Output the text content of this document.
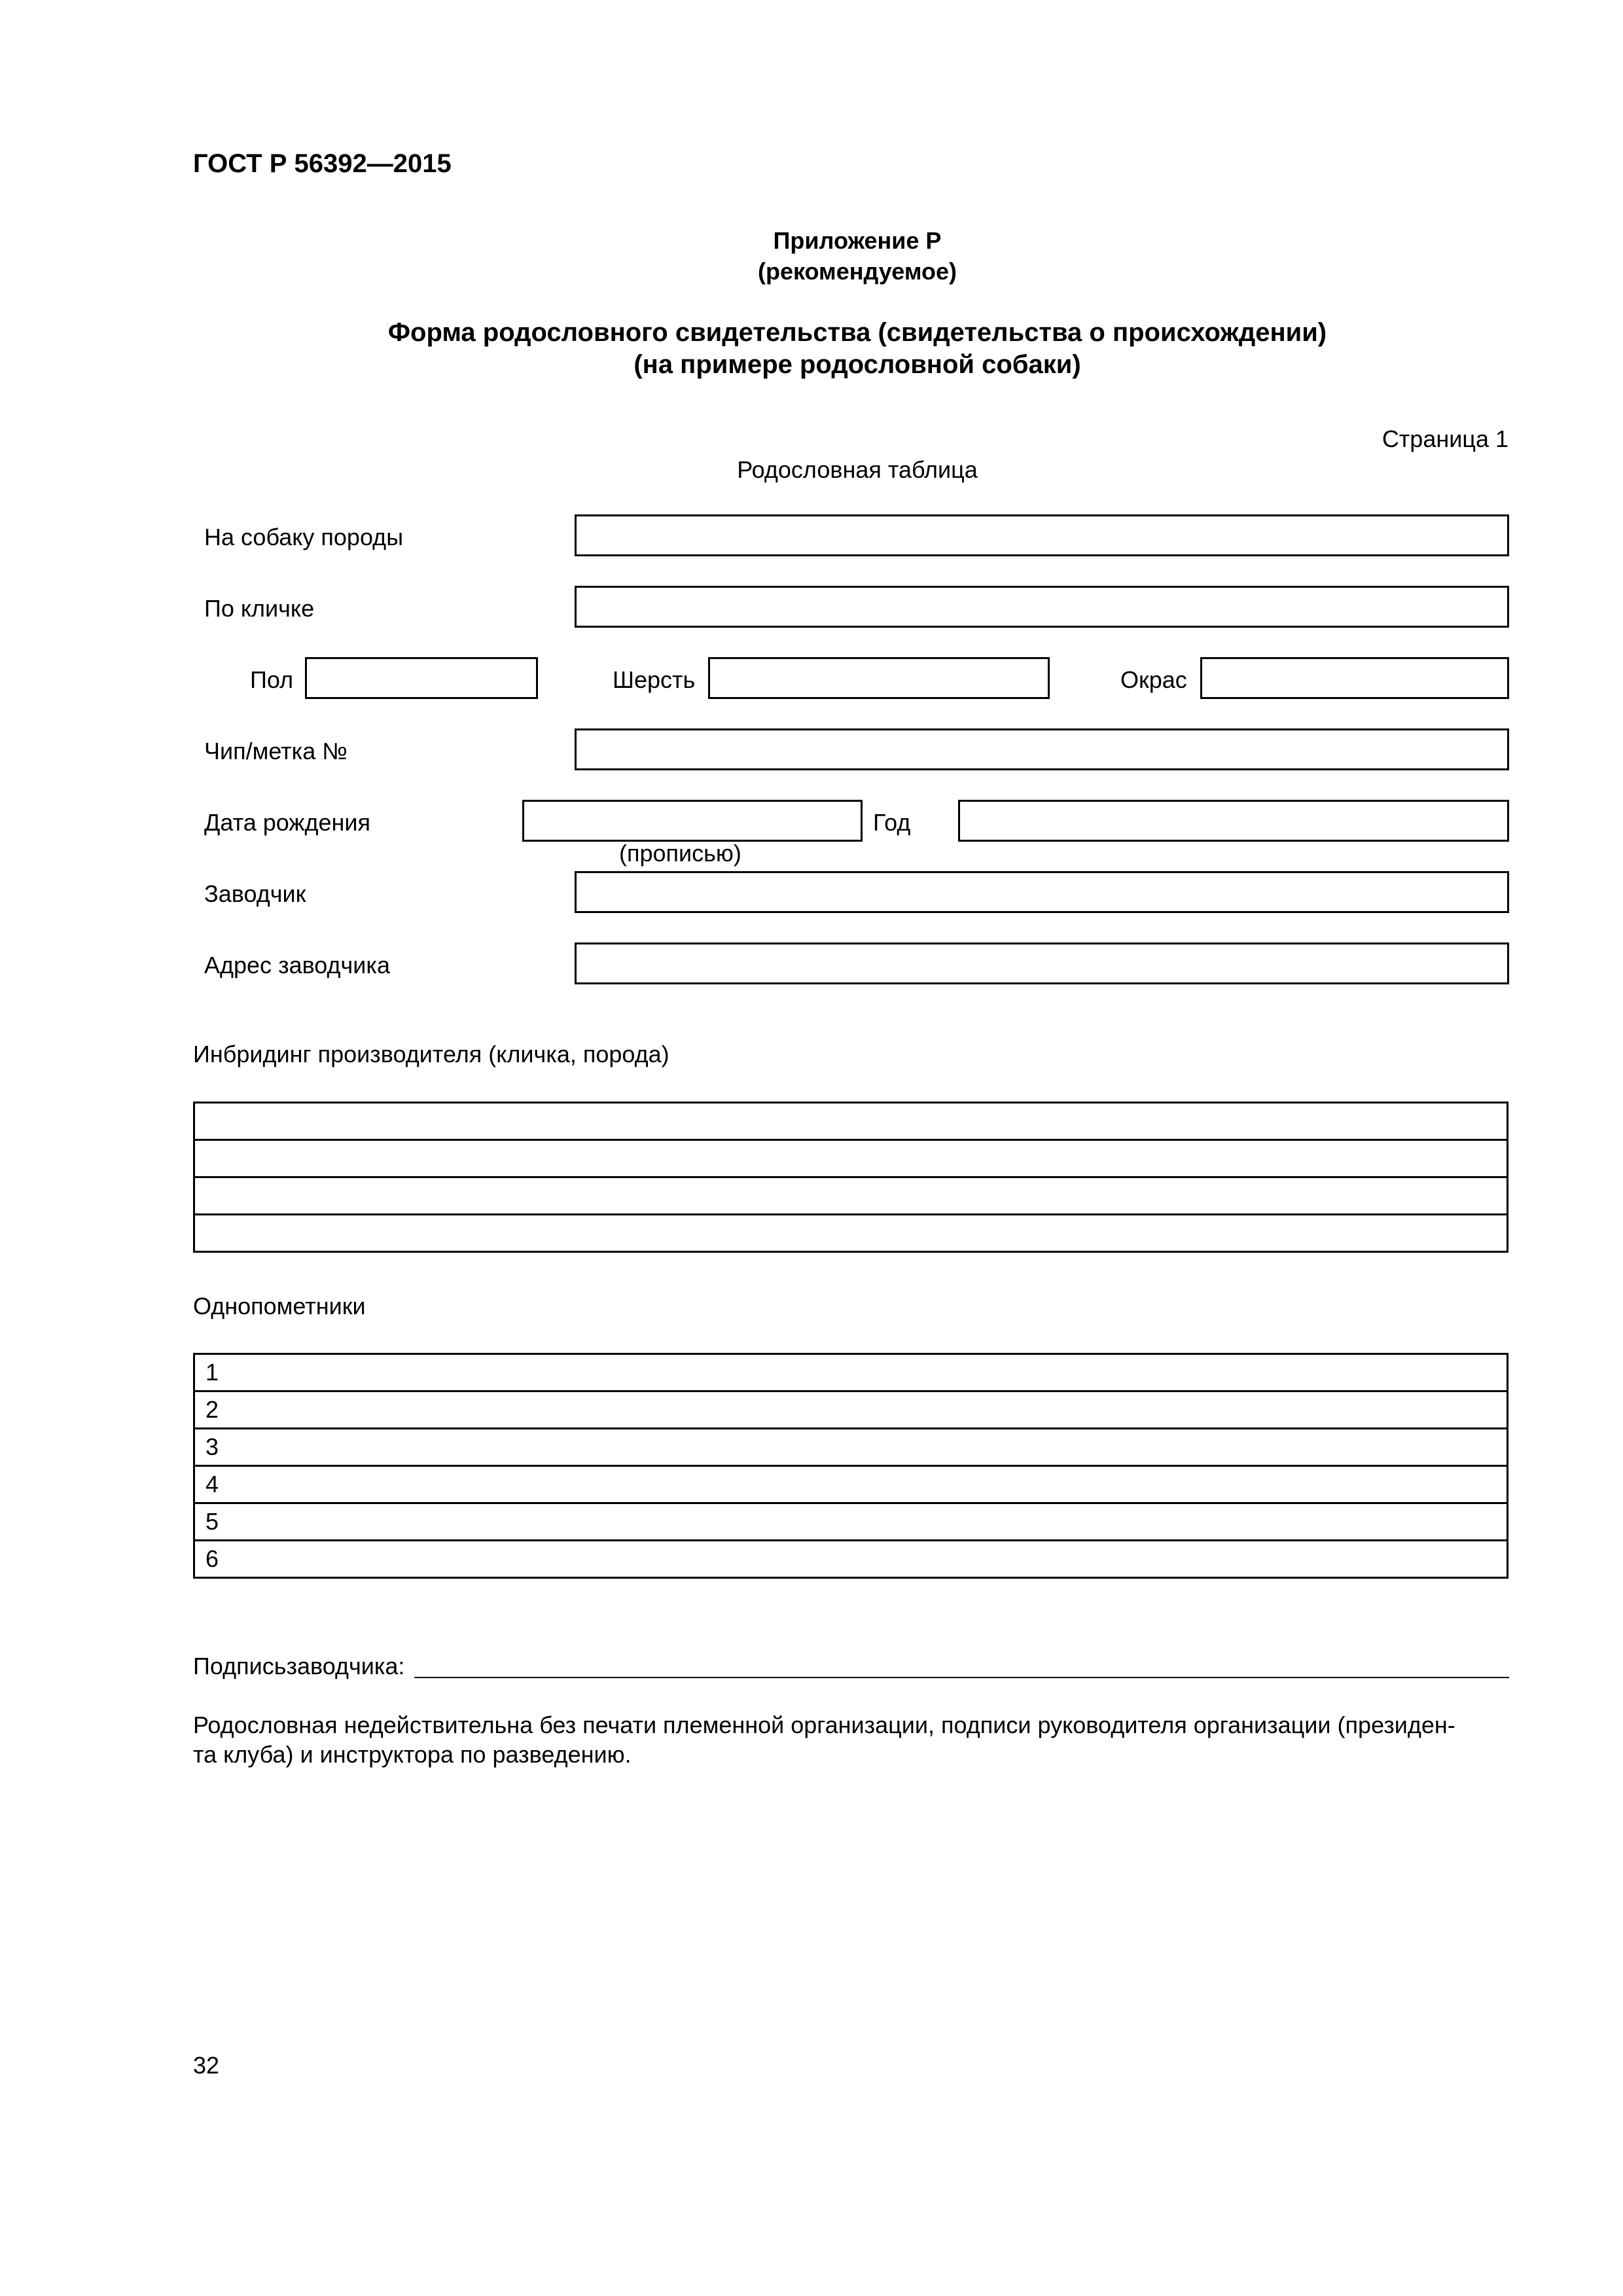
ГОСТ Р 56392—2015
Приложение Р
(рекомендуемое)
Форма родословного свидетельства (свидетельства о происхождении)
(на примере родословной собаки)
Страница 1
Родословная таблица
На собаку породы
По кличке
Пол	Шерсть	Окрас
Чип/метка №
Дата рождения	Год
(прописью)
Заводчик
Адрес заводчика
Инбридинг производителя (кличка, порода)

Однопометники
1
2
3
4
5
6
Подписьзаводчика:
Родословная недействительна без печати племенной организации, подписи руководителя организации (президен-
та клуба) и инструктора по разведению.
32
